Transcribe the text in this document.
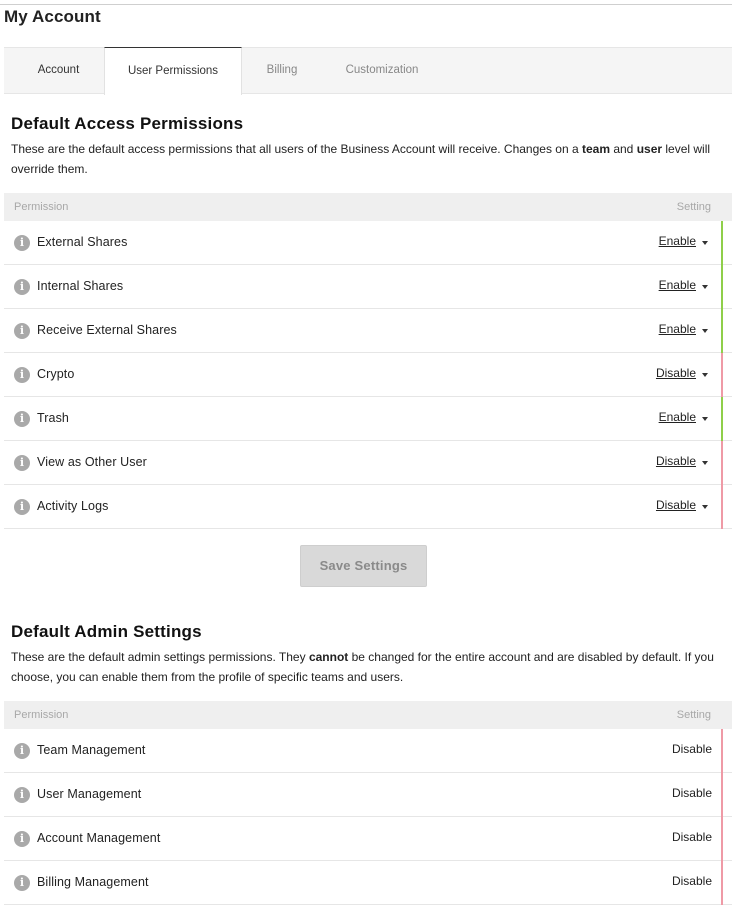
My Account
Account	User Permissions	Billing	Customization
Default Access Permissions
These are the default access permissions that all users of the Business Account will receive. Changes on a team and user level will override them.
Permission	Setting
i	External Shares	Enable
i	Internal Shares	Enable
i	Receive External Shares	Enable
i	Crypto	Disable
i	Trash	Enable
i	View as Other User	Disable
i	Activity Logs	Disable
Save Settings
Default Admin Settings
These are the default admin settings permissions. They cannot be changed for the entire account and are disabled by default. If you choose, you can enable them from the profile of specific teams and users.
Permission	Setting
i	Team Management	Disable
i	User Management	Disable
i	Account Management	Disable
i	Billing Management	Disable
